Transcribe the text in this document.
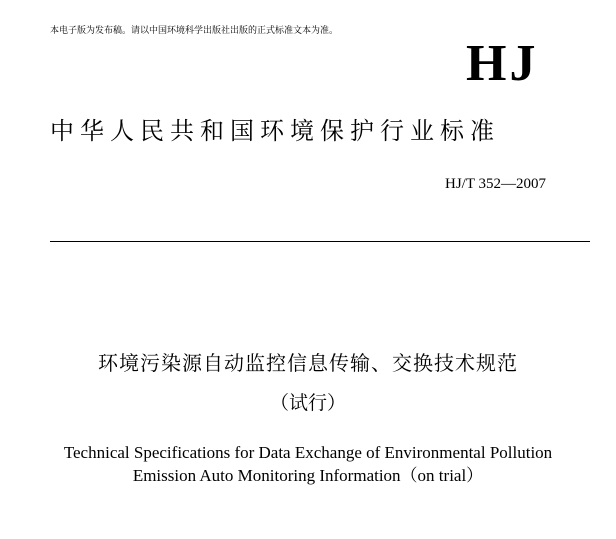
本电子版为发布稿。请以中国环境科学出版社出版的正式标准文本为准。
HJ
中华人民共和国环境保护行业标准
HJ/T 352—2007
环境污染源自动监控信息传输、交换技术规范
（试行）
Technical Specifications for Data Exchange of Environmental Pollution
Emission Auto Monitoring Information（on trial）
